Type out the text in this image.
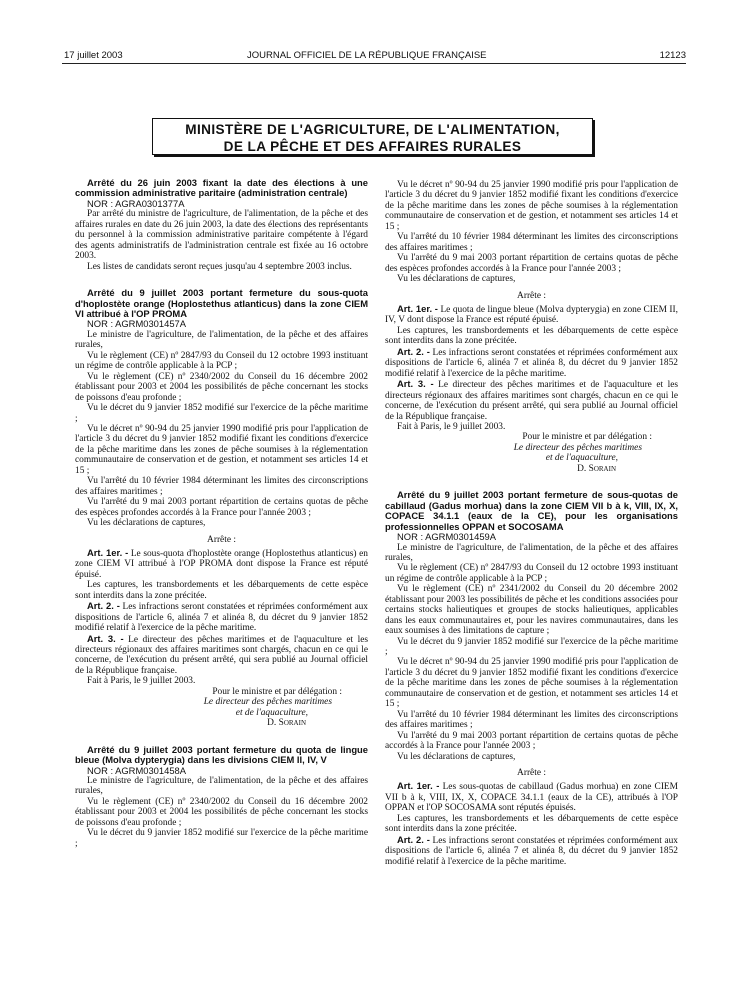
17 juillet 2003	JOURNAL OFFICIEL DE LA RÉPUBLIQUE FRANÇAISE	12123
MINISTÈRE DE L'AGRICULTURE, DE L'ALIMENTATION,
DE LA PÊCHE ET DES AFFAIRES RURALES

Arrêté du 26 juin 2003 fixant la date des élections à une commission administrative paritaire (administration centrale)

NOR : AGRA0301377A

Par arrêté du ministre de l'agriculture, de l'alimentation, de la pêche et des affaires rurales en date du 26 juin 2003, la date des élections des représentants du personnel à la commission administrative paritaire compétente à l'égard des agents administratifs de l'administration centrale est fixée au 16 octobre 2003.

Les listes de candidats seront reçues jusqu'au 4 septembre 2003 inclus.

Arrêté du 9 juillet 2003 portant fermeture du sous-quota d'hoplostète orange (Hoplostethus atlanticus) dans la zone CIEM VI attribué à l'OP PROMA

NOR : AGRM0301457A

Le ministre de l'agriculture, de l'alimentation, de la pêche et des affaires rurales,

Vu le règlement (CE) nº 2847/93 du Conseil du 12 octobre 1993 instituant un régime de contrôle applicable à la PCP ;

Vu le règlement (CE) nº 2340/2002 du Conseil du 16 décembre 2002 établissant pour 2003 et 2004 les possibilités de pêche concernant les stocks de poissons d'eau profonde ;

Vu le décret du 9 janvier 1852 modifié sur l'exercice de la pêche maritime ;

Vu le décret nº 90-94 du 25 janvier 1990 modifié pris pour l'application de l'article 3 du décret du 9 janvier 1852 modifié fixant les conditions d'exercice de la pêche maritime dans les zones de pêche soumises à la réglementation communautaire de conservation et de gestion, et notamment ses articles 14 et 15 ;

Vu l'arrêté du 10 février 1984 déterminant les limites des circonscriptions des affaires maritimes ;

Vu l'arrêté du 9 mai 2003 portant répartition de certains quotas de pêche des espèces profondes accordés à la France pour l'année 2003 ;

Vu les déclarations de captures,

Arrête :

Art. 1er. - Le sous-quota d'hoplostète orange (Hoplostethus atlanticus) en zone CIEM VI attribué à l'OP PROMA dont dispose la France est réputé épuisé.

Les captures, les transbordements et les débarquements de cette espèce sont interdits dans la zone précitée.

Art. 2. - Les infractions seront constatées et réprimées conformément aux dispositions de l'article 6, alinéa 7 et alinéa 8, du décret du 9 janvier 1852 modifié relatif à l'exercice de la pêche maritime.

Art. 3. - Le directeur des pêches maritimes et de l'aquaculture et les directeurs régionaux des affaires maritimes sont chargés, chacun en ce qui le concerne, de l'exécution du présent arrêté, qui sera publié au Journal officiel de la République française.

Fait à Paris, le 9 juillet 2003.

Pour le ministre et par délégation :

Le directeur des pêches maritimes

et de l'aquaculture,

D. Sorain

Arrêté du 9 juillet 2003 portant fermeture du quota de lingue bleue (Molva dypterygia) dans les divisions CIEM II, IV, V

NOR : AGRM0301458A

Le ministre de l'agriculture, de l'alimentation, de la pêche et des affaires rurales,

Vu le règlement (CE) nº 2340/2002 du Conseil du 16 décembre 2002 établissant pour 2003 et 2004 les possibilités de pêche concernant les stocks de poissons d'eau profonde ;

Vu le décret du 9 janvier 1852 modifié sur l'exercice de la pêche maritime ;

Vu le décret nº 90-94 du 25 janvier 1990 modifié pris pour l'application de l'article 3 du décret du 9 janvier 1852 modifié fixant les conditions d'exercice de la pêche maritime dans les zones de pêche soumises à la réglementation communautaire de conservation et de gestion, et notamment ses articles 14 et 15 ;

Vu l'arrêté du 10 février 1984 déterminant les limites des circonscriptions des affaires maritimes ;

Vu l'arrêté du 9 mai 2003 portant répartition de certains quotas de pêche des espèces profondes accordés à la France pour l'année 2003 ;

Vu les déclarations de captures,

Arrête :

Art. 1er. - Le quota de lingue bleue (Molva dypterygia) en zone CIEM II, IV, V dont dispose la France est réputé épuisé.

Les captures, les transbordements et les débarquements de cette espèce sont interdits dans la zone précitée.

Art. 2. - Les infractions seront constatées et réprimées conformément aux dispositions de l'article 6, alinéa 7 et alinéa 8, du décret du 9 janvier 1852 modifié relatif à l'exercice de la pêche maritime.

Art. 3. - Le directeur des pêches maritimes et de l'aquaculture et les directeurs régionaux des affaires maritimes sont chargés, chacun en ce qui le concerne, de l'exécution du présent arrêté, qui sera publié au Journal officiel de la République française.

Fait à Paris, le 9 juillet 2003.

Pour le ministre et par délégation :

Le directeur des pêches maritimes

et de l'aquaculture,

D. Sorain

Arrêté du 9 juillet 2003 portant fermeture de sous-quotas de cabillaud (Gadus morhua) dans la zone CIEM VII b à k, VIII, IX, X, COPACE 34.1.1 (eaux de la CE), pour les organisations professionnelles OPPAN et SOCOSAMA

NOR : AGRM0301459A

Le ministre de l'agriculture, de l'alimentation, de la pêche et des affaires rurales,

Vu le règlement (CE) nº 2847/93 du Conseil du 12 octobre 1993 instituant un régime de contrôle applicable à la PCP ;

Vu le règlement (CE) nº 2341/2002 du Conseil du 20 décembre 2002 établissant pour 2003 les possibilités de pêche et les conditions associées pour certains stocks halieutiques et groupes de stocks halieutiques, applicables dans les eaux communautaires et, pour les navires communautaires, dans les eaux soumises à des limitations de capture ;

Vu le décret du 9 janvier 1852 modifié sur l'exercice de la pêche maritime ;

Vu le décret nº 90-94 du 25 janvier 1990 modifié pris pour l'application de l'article 3 du décret du 9 janvier 1852 modifié fixant les conditions d'exercice de la pêche maritime dans les zones de pêche soumises à la réglementation communautaire de conservation et de gestion, et notamment ses articles 14 et 15 ;

Vu l'arrêté du 10 février 1984 déterminant les limites des circonscriptions des affaires maritimes ;

Vu l'arrêté du 9 mai 2003 portant répartition de certains quotas de pêche accordés à la France pour l'année 2003 ;

Vu les déclarations de captures,

Arrête :

Art. 1er. - Les sous-quotas de cabillaud (Gadus morhua) en zone CIEM VII b à k, VIII, IX, X, COPACE 34.1.1 (eaux de la CE), attribués à l'OP OPPAN et l'OP SOCOSAMA sont réputés épuisés.

Les captures, les transbordements et les débarquements de cette espèce sont interdits dans la zone précitée.

Art. 2. - Les infractions seront constatées et réprimées conformément aux dispositions de l'article 6, alinéa 7 et alinéa 8, du décret du 9 janvier 1852 modifié relatif à l'exercice de la pêche maritime.
